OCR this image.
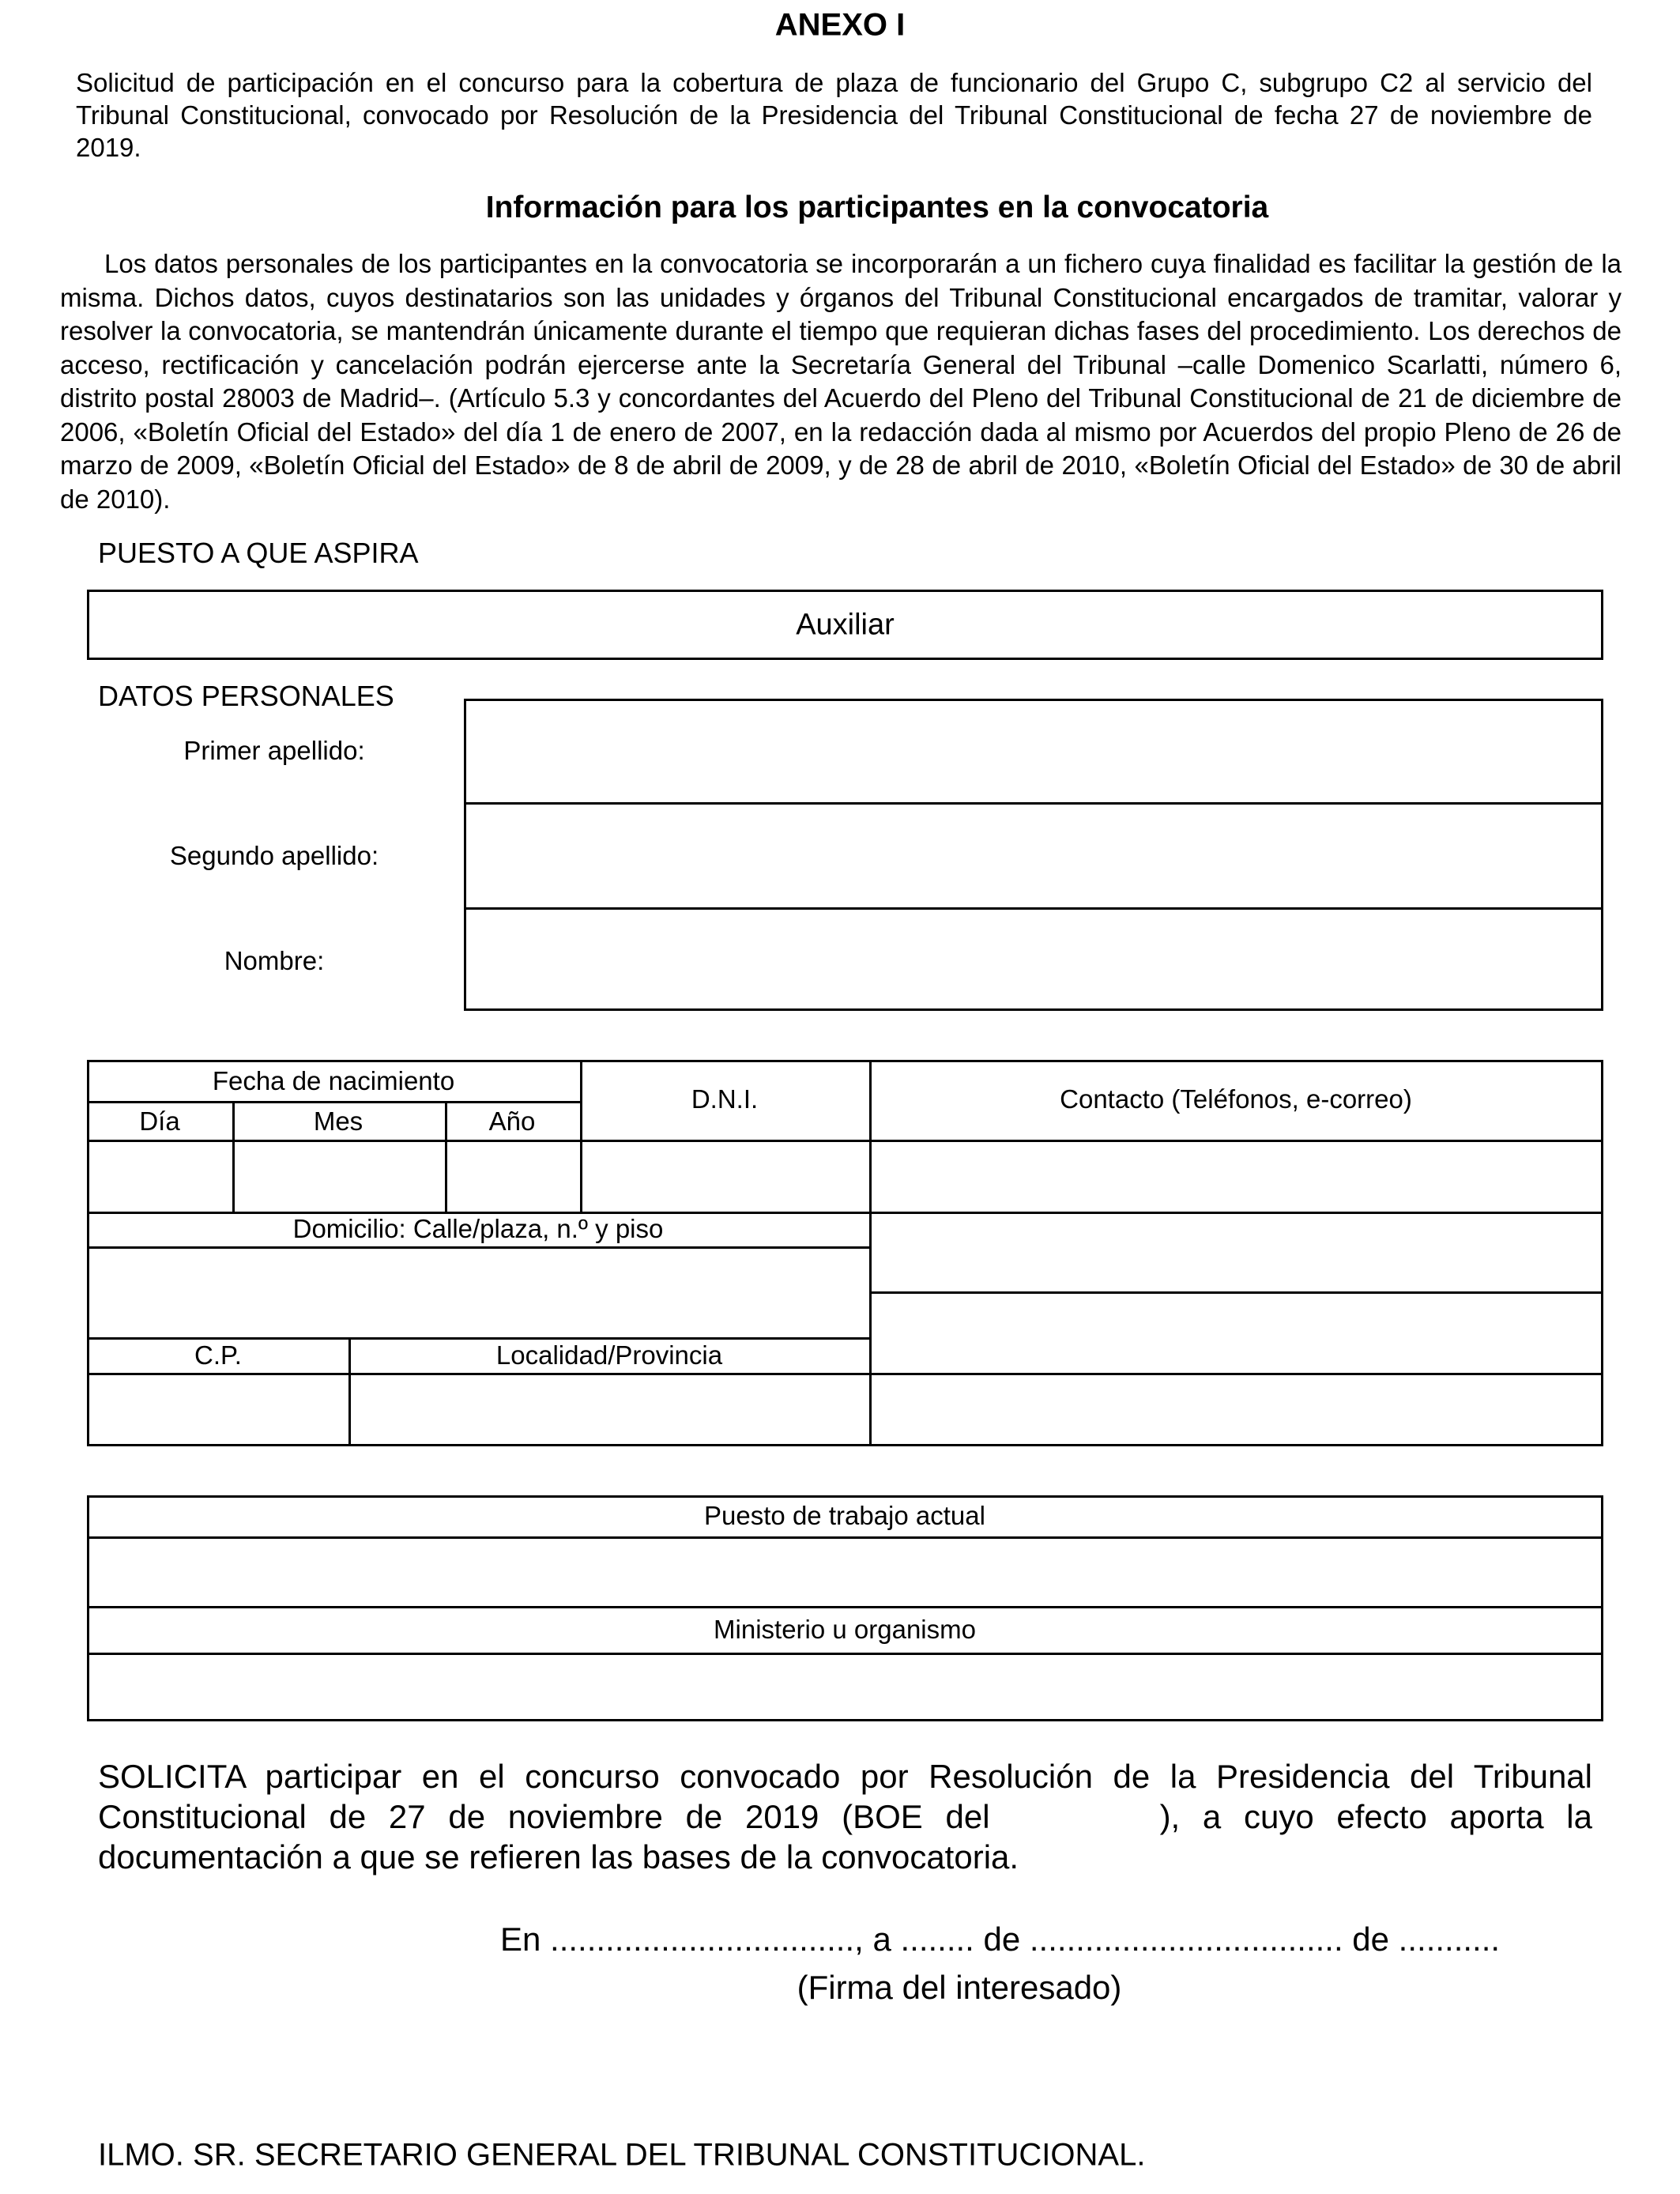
ANEXO I
Solicitud de participación en el concurso para la cobertura de plaza de funcionario del Grupo C, subgrupo C2 al servicio del Tribunal Constitucional, convocado por Resolución de la Presidencia del Tribunal Constitucional de fecha 27 de noviembre de 2019.
Información para los participantes en la convocatoria
Los datos personales de los participantes en la convocatoria se incorporarán a un fichero cuya finalidad es facilitar la gestión de la misma. Dichos datos, cuyos destinatarios son las unidades y órganos del Tribunal Constitucional encargados de tramitar, valorar y resolver la convocatoria, se mantendrán únicamente durante el tiempo que requieran dichas fases del procedimiento. Los derechos de acceso, rectificación y cancelación podrán ejercerse ante la Secretaría General del Tribunal –calle Domenico Scarlatti, número 6, distrito postal 28003 de Madrid–. (Artículo 5.3 y concordantes del Acuerdo del Pleno del Tribunal Constitucional de 21 de diciembre de 2006, «Boletín Oficial del Estado» del día 1 de enero de 2007, en la redacción dada al mismo por Acuerdos del propio Pleno de 26 de marzo de 2009, «Boletín Oficial del Estado» de 8 de abril de 2009, y de 28 de abril de 2010, «Boletín Oficial del Estado» de 30 de abril de 2010).
PUESTO A QUE ASPIRA
Auxiliar
DATOS PERSONALES
Primer apellido:
Segundo apellido:
Nombre:
Fecha de nacimiento
Día	Mes	Año
D.N.I.	Contacto (Teléfonos, e-correo)
Domicilio: Calle/plaza, n.º y piso
C.P.	Localidad/Provincia
Puesto de trabajo actual
Ministerio u organismo
SOLICITA participar en el concurso convocado por Resolución de la Presidencia del Tribunal Constitucional de 27 de noviembre de 2019 (BOE del	), a cuyo efecto aporta la documentación a que se refieren las bases de la convocatoria.
En ................................., a ........ de .................................. de ...........
(Firma del interesado)
ILMO. SR. SECRETARIO GENERAL DEL TRIBUNAL CONSTITUCIONAL.
